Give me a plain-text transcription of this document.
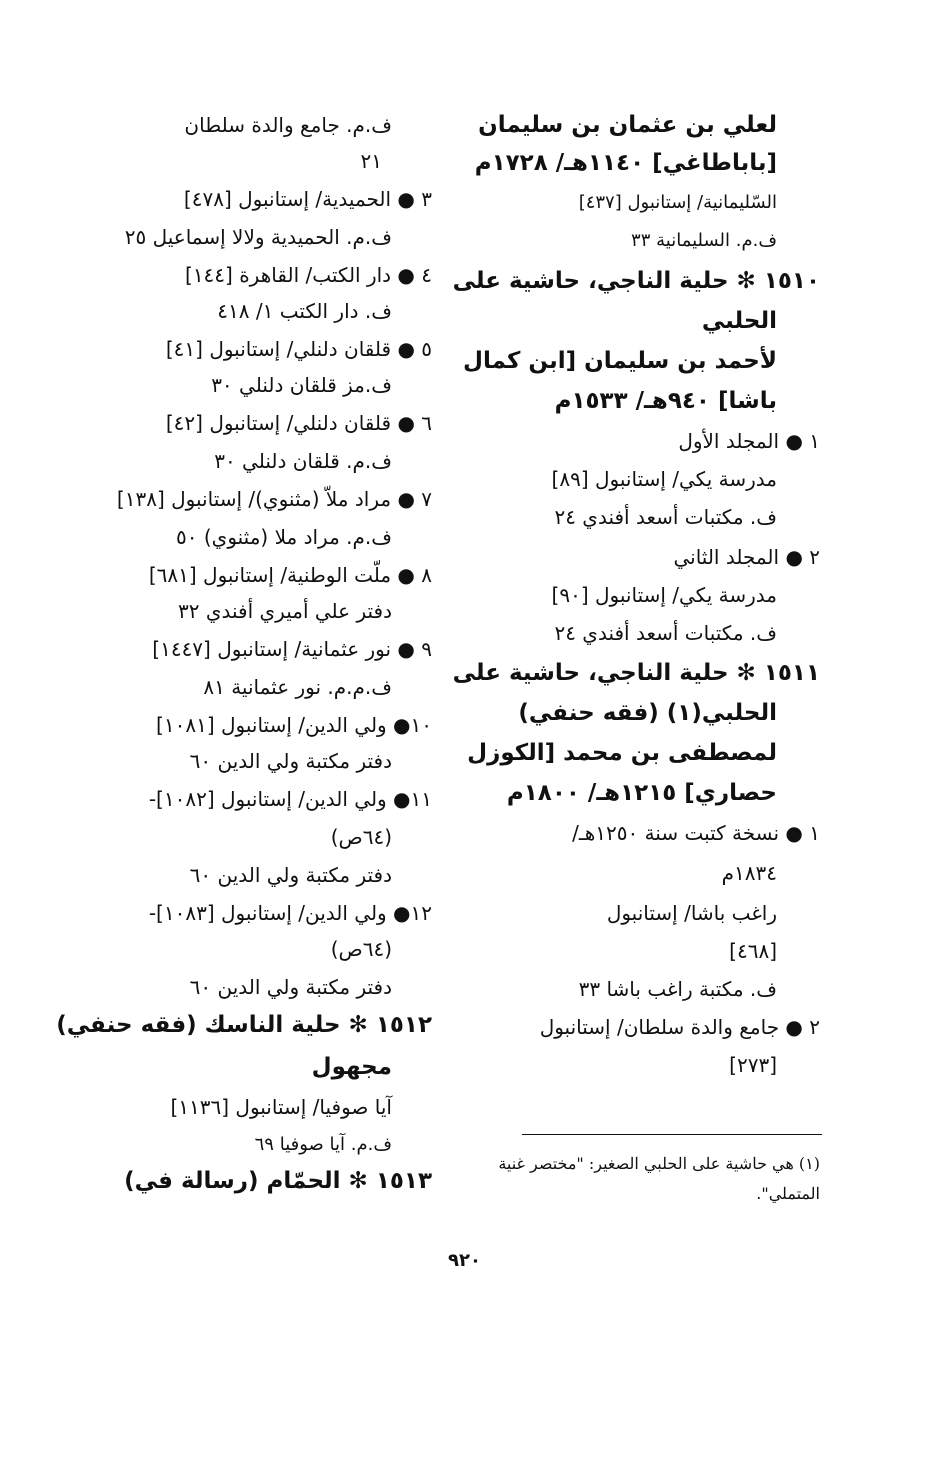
لعلي بن عثمان بن سليمان
[باباطاغي] ١١٤٠هـ/ ١٧٢٨م
السّليمانية/ إستانبول [٤٣٧]
ف.م. السليمانية ٣٣
١٥١٠ ✻ حلية الناجي، حاشية على
الحلبي
لأحمد بن سليمان [ابن كمال
باشا] ٩٤٠هـ/ ١٥٣٣م
١ ● المجلد الأول
مدرسة يكي/ إستانبول [٨٩]
ف. مكتبات أسعد أفندي ٢٤
٢ ● المجلد الثاني
مدرسة يكي/ إستانبول [٩٠]
ف. مكتبات أسعد أفندي ٢٤
١٥١١ ✻ حلية الناجي، حاشية على
الحلبي(١) (فقه حنفي)
لمصطفى بن محمد [الكوزل
حصاري] ١٢١٥هـ/ ١٨٠٠م
١ ● نسخة كتبت سنة ١٢٥٠هـ/
١٨٣٤م
راغب باشا/ إستانبول
[٤٦٨]
ف. مكتبة راغب باشا ٣٣
٢ ● جامع والدة سلطان/ إستانبول
[٢٧٣]
ف.م. جامع والدة سلطان
٢١
٣ ● الحميدية/ إستانبول [٤٧٨]
ف.م. الحميدية ولالا إسماعيل ٢٥
٤ ● دار الكتب/ القاهرة [١٤٤]
ف. دار الكتب ١/ ٤١٨
٥ ● قلقان دلنلي/ إستانبول [٤١]
ف.مز قلقان دلنلي ٣٠
٦ ● قلقان دلنلي/ إستانبول [٤٢]
ف.م. قلقان دلنلي ٣٠
٧ ● مراد ملاّ (مثنوي)/ إستانبول [١٣٨]
ف.م. مراد ملا (مثنوي) ٥٠
٨ ● ملّت الوطنية/ إستانبول [٦٨١]
دفتر علي أميري أفندي ٣٢
٩ ● نور عثمانية/ إستانبول [١٤٤٧]
ف.م.م. نور عثمانية ٨١
١٠● ولي الدين/ إستانبول [١٠٨١]
دفتر مكتبة ولي الدين ٦٠
١١● ولي الدين/ إستانبول [١٠٨٢]-
(٦٤ص)
دفتر مكتبة ولي الدين ٦٠
١٢● ولي الدين/ إستانبول [١٠٨٣]-
(٦٤ص)
دفتر مكتبة ولي الدين ٦٠
١٥١٢ ✻ حلية الناسك (فقه حنفي)
مجهول
آيا صوفيا/ إستانبول [١١٣٦]
ف.م. آيا صوفيا ٦٩
١٥١٣ ✻ الحمّام (رسالة في)
(١) هي حاشية على الحلبي الصغير: "مختصر غنية
المتملي".
٩٢٠
